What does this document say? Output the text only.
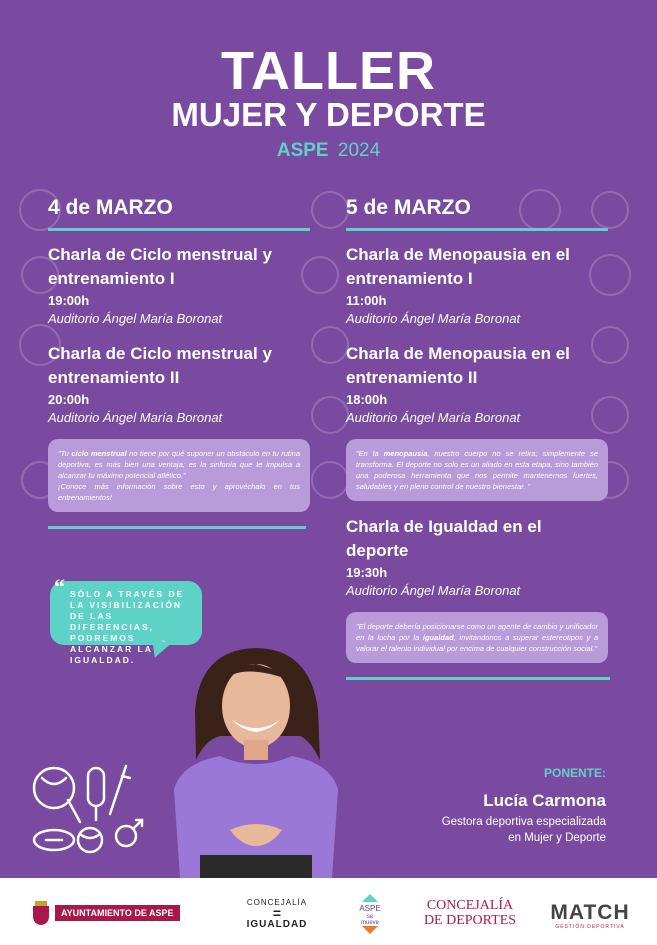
TALLER
MUJER Y DEPORTE
ASPE 2024
4 de MARZO
Charla de Ciclo menstrual y entrenamiento I
19:00h
Auditorio Ángel María Boronat
Charla de Ciclo menstrual y entrenamiento II
20:00h
Auditorio Ángel María Boronat
"Tu ciclo menstrual no tiene por qué suponer un obstáculo en tu rutina deportiva, es más bien una ventaja; es la sinfonía que te impulsa a alcanzar tu máximo potencial atlético."
¡Conoce más información sobre esto y aprovéchalo en tus entrenamientos!
5 de MARZO
Charla de Menopausia en el entrenamiento I
11:00h
Auditorio Ángel María Boronat
Charla de Menopausia en el entrenamiento II
18:00h
Auditorio Ángel María Boronat
"En la menopausia, nuestro cuerpo no se retira; simplemente se transforma. El deporte no solo es un aliado en esta etapa, sino también una poderosa herramienta que nos permite mantenernos fuertes, saludables y en pleno control de nuestro bienestar. "
Charla de Igualdad en el deporte
19:30h
Auditorio Ángel María Boronat
"El deporte debería posicionarse como un agente de cambio y unificador en la lucha por la igualdad, invitándonos a superar estereotipos y a valorar el talento individual por encima de cualquier construcción social."
“ SÓLO A TRAVÉS DE LA VISIBILIZACIÓN DE LAS DIFERENCIAS, PODREMOS ALCANZAR LA IGUALDAD. ”
PONENTE:
Lucía Carmona
Gestora deportiva especializada
en Mujer y Deporte
AYUNTAMIENTO DE ASPE
CONCEJALÍA
=
IGUALDAD
ASPE
se
mueve
CONCEJALÍA
DE DEPORTES	MATCH
GESTIÓN DEPORTIVA
